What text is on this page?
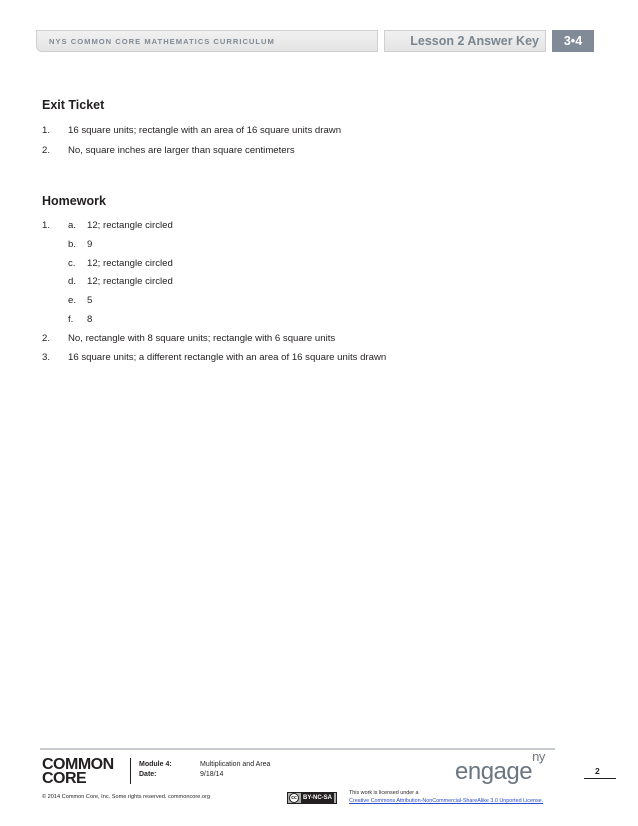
NYS COMMON CORE MATHEMATICS CURRICULUM	Lesson 2 Answer Key	3•4
Exit Ticket
1. 16 square units; rectangle with an area of 16 square units drawn
2. No, square inches are larger than square centimeters
Homework
1. a. 12; rectangle circled
b. 9
c. 12; rectangle circled
d. 12; rectangle circled
e. 5
f. 8
2. No, rectangle with 8 square units; rectangle with 6 square units
3. 16 square units; a different rectangle with an area of 16 square units drawn
COMMON
CORE
Module 4:	Multiplication and Area
Date:	9/18/14	engage$^{ny}$
2
© 2014 Common Core, Inc. Some rights reserved. commoncore.org	cc BY-NC-SA
This work is licensed under a
Creative Commons Attribution-NonCommercial-ShareAlike 3.0 Unported License.
